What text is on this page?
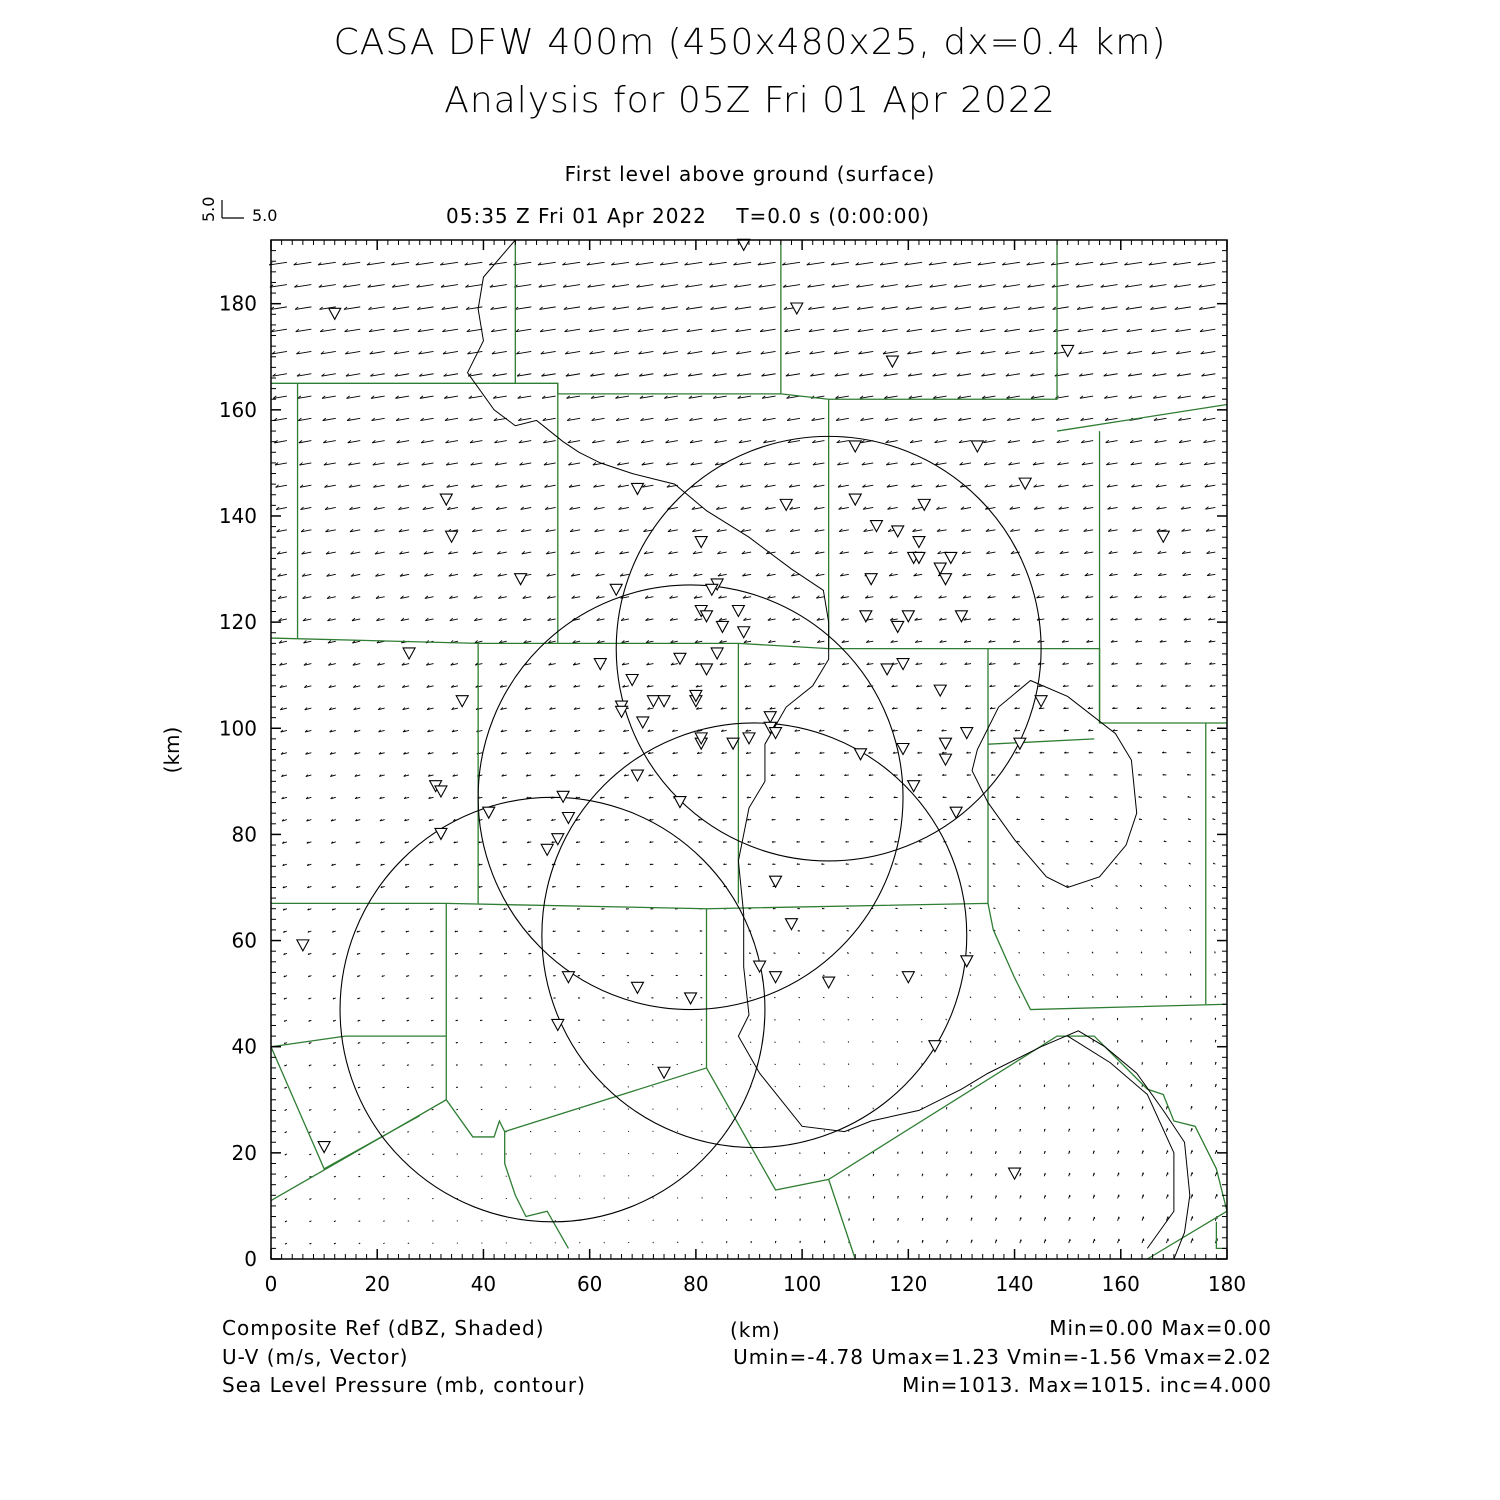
CASA DFW 400m (450x480x25, dx=0.4 km)
Analysis for 05Z Fri 01 Apr 2022
First level above ground (surface)
05:35 Z Fri 01 Apr 2022    T=0.0 s (0:00:00)
5.0
5.0
0	20	40	60	80	100	120	140	160	180
0
20
40
60
80
100
120
140
160
180
(km)
Composite Ref (dBZ, Shaded)
U-V (m/s, Vector)
Sea Level Pressure (mb, contour)
(km)	Min=0.00 Max=0.00
Umin=-4.78 Umax=1.23 Vmin=-1.56 Vmax=2.02
Min=1013. Max=1015. inc=4.000
